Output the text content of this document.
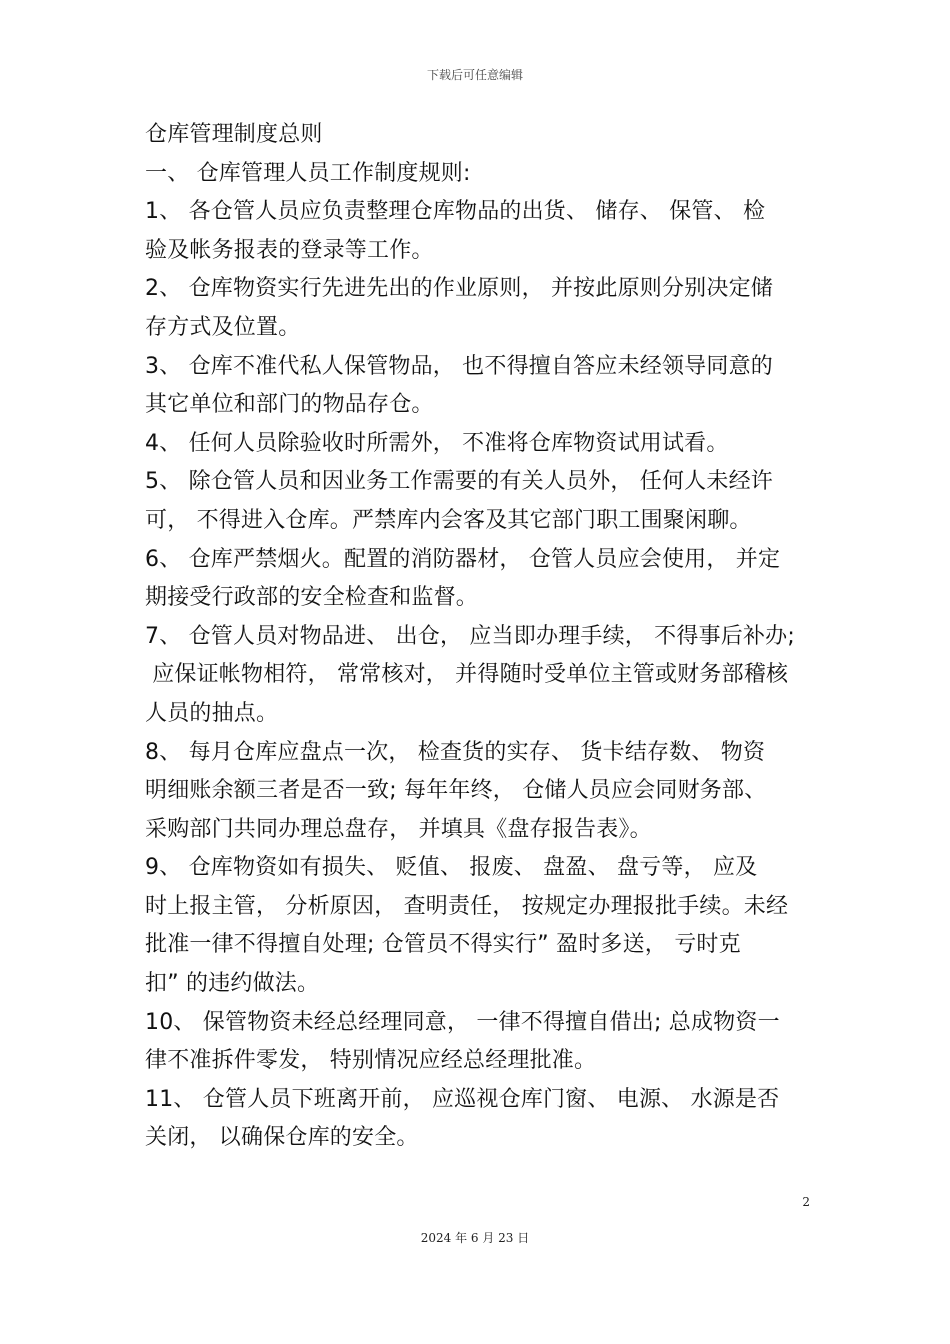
下载后可任意编辑
仓库管理制度总则
一、 仓库管理人员工作制度规则:
1、 各仓管人员应负责整理仓库物品的出货、 储存、 保管、 检
验及帐务报表的登录等工作。
2、 仓库物资实行先进先出的作业原则， 并按此原则分别决定储
存方式及位置。
3、 仓库不准代私人保管物品， 也不得擅自答应未经领导同意的
其它单位和部门的物品存仓。
4、 任何人员除验收时所需外， 不准将仓库物资试用试看。
5、 除仓管人员和因业务工作需要的有关人员外， 任何人未经许
可， 不得进入仓库。严禁库内会客及其它部门职工围聚闲聊。
6、 仓库严禁烟火。配置的消防器材， 仓管人员应会使用， 并定
期接受行政部的安全检查和监督。
7、 仓管人员对物品进、 出仓， 应当即办理手续， 不得事后补办;
应保证帐物相符， 常常核对， 并得随时受单位主管或财务部稽核
人员的抽点。
8、 每月仓库应盘点一次， 检查货的实存、 货卡结存数、 物资
明细账余额三者是否一致; 每年年终， 仓储人员应会同财务部、
采购部门共同办理总盘存， 并填具《盘存报告表》。
9、 仓库物资如有损失、 贬值、 报废、 盘盈、 盘亏等， 应及
时上报主管， 分析原因， 查明责任， 按规定办理报批手续。未经
批准一律不得擅自处理; 仓管员不得实行” 盈时多送， 亏时克
扣” 的违约做法。
10、 保管物资未经总经理同意， 一律不得擅自借出; 总成物资一
律不准拆件零发， 特别情况应经总经理批准。
11、 仓管人员下班离开前， 应巡视仓库门窗、 电源、 水源是否
关闭， 以确保仓库的安全。
2
2024 年 6 月 23 日
